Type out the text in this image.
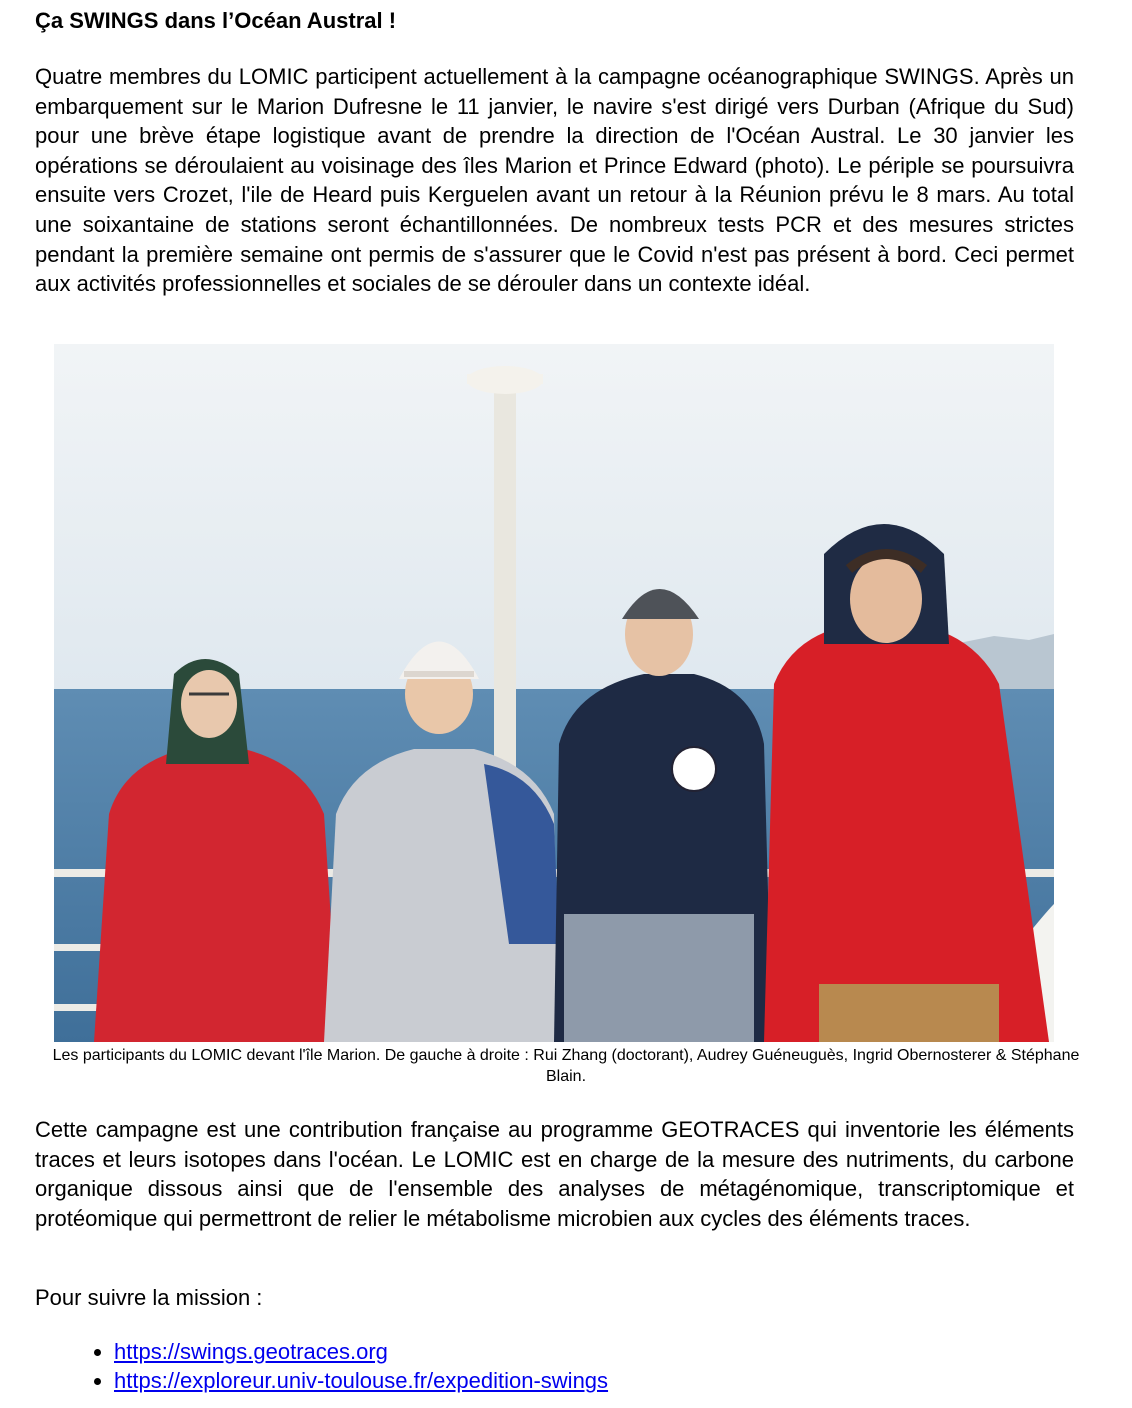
Ça SWINGS dans l’Océan Austral !

Quatre membres du LOMIC participent actuellement à la campagne océanographique SWINGS. Après un embarquement sur le Marion Dufresne le 11 janvier, le navire s'est dirigé vers Durban (Afrique du Sud) pour une brève étape logistique avant de prendre la direction de l'Océan Austral. Le 30 janvier les opérations se déroulaient au voisinage des îles Marion et Prince Edward (photo). Le périple se poursuivra ensuite vers Crozet, l'ile de Heard puis Kerguelen avant un retour à la Réunion prévu le 8 mars. Au total une soixantaine de stations seront échantillonnées. De nombreux tests PCR et des mesures strictes pendant la première semaine ont permis de s'assurer que le Covid n'est pas présent à bord. Ceci permet aux activités professionnelles et sociales de se dérouler dans un contexte idéal.

Les participants du LOMIC devant l'île Marion. De gauche à droite : Rui Zhang (doctorant), Audrey Guéneuguès, Ingrid Obernosterer & Stéphane Blain.

Cette campagne est une contribution française au programme GEOTRACES qui inventorie les éléments traces et leurs isotopes dans l'océan. Le LOMIC est en charge de la mesure des nutriments, du carbone organique dissous ainsi que de l'ensemble des analyses de métagénomique, transcriptomique et protéomique qui permettront de relier le métabolisme microbien aux cycles des éléments traces.

Pour suivre la mission :

• https://swings.geotraces.org
• https://exploreur.univ-toulouse.fr/expedition-swings
